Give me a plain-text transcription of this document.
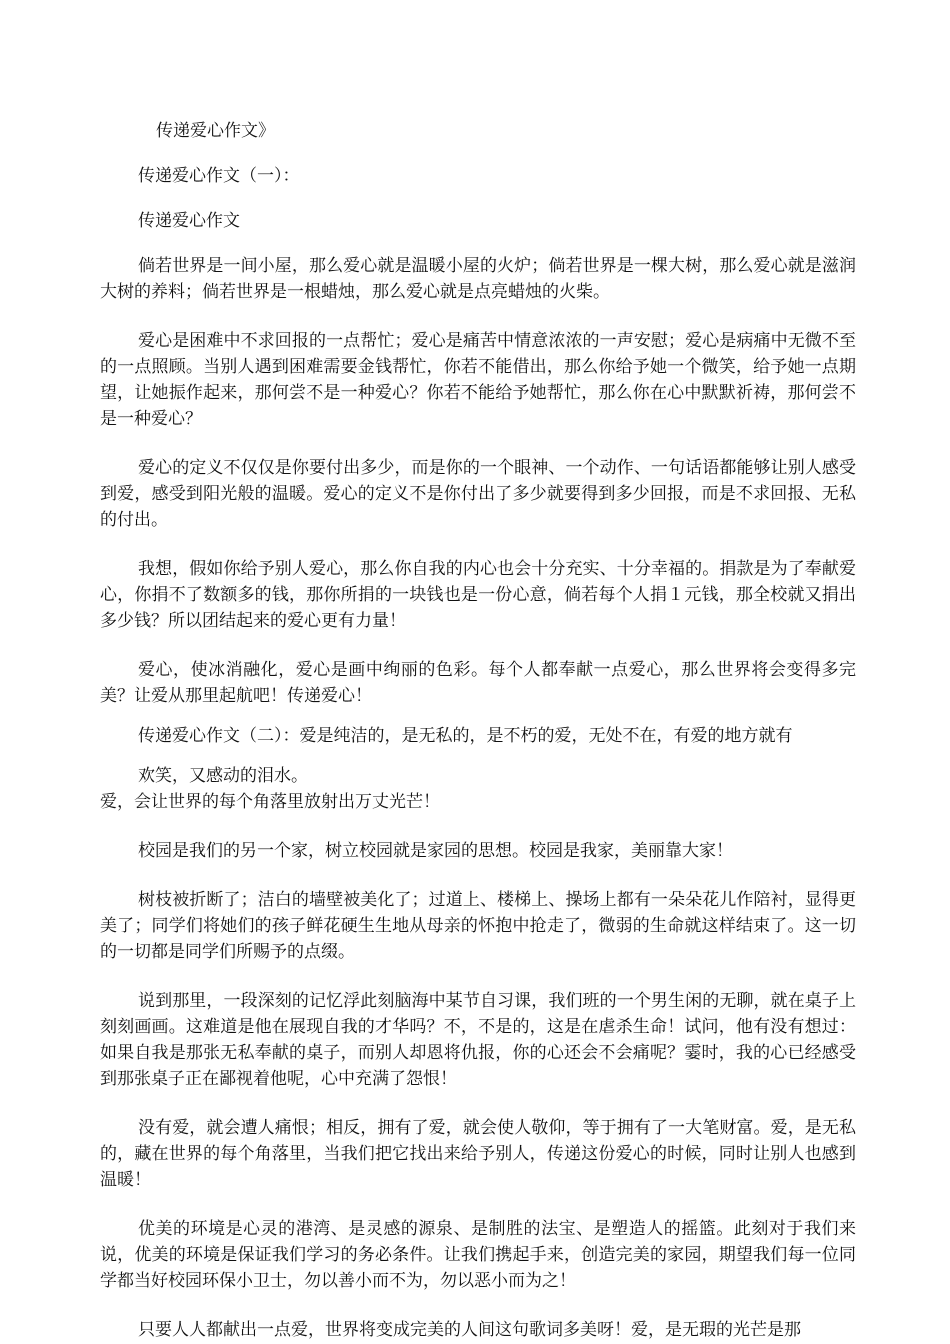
传递爱心作文》

传递爱心作文（一）：

传递爱心作文

倘若世界是一间小屋，那么爱心就是温暖小屋的火炉；倘若世界是一棵大树，那么爱心就是滋润大树的养料；倘若世界是一根蜡烛，那么爱心就是点亮蜡烛的火柴。

爱心是困难中不求回报的一点帮忙；爱心是痛苦中情意浓浓的一声安慰；爱心是病痛中无微不至的一点照顾。当别人遇到困难需要金钱帮忙，你若不能借出，那么你给予她一个微笑，给予她一点期望，让她振作起来，那何尝不是一种爱心？你若不能给予她帮忙，那么你在心中默默祈祷，那何尝不是一种爱心？

爱心的定义不仅仅是你要付出多少，而是你的一个眼神、一个动作、一句话语都能够让别人感受到爱，感受到阳光般的温暖。爱心的定义不是你付出了多少就要得到多少回报，而是不求回报、无私的付出。

我想，假如你给予别人爱心，那么你自我的内心也会十分充实、十分幸福的。捐款是为了奉献爱心，你捐不了数额多的钱，那你所捐的一块钱也是一份心意，倘若每个人捐１元钱，那全校就又捐出多少钱？所以团结起来的爱心更有力量！

爱心，使冰消融化，爱心是画中绚丽的色彩。每个人都奉献一点爱心，那么世界将会变得多完美？让爱从那里起航吧！传递爱心！

传递爱心作文（二）：爱是纯洁的，是无私的，是不朽的爱，无处不在，有爱的地方就有

欢笑，又感动的泪水。

爱，会让世界的每个角落里放射出万丈光芒！

校园是我们的另一个家，树立校园就是家园的思想。校园是我家，美丽靠大家！

树枝被折断了；洁白的墙壁被美化了；过道上、楼梯上、操场上都有一朵朵花儿作陪衬，显得更美了；同学们将她们的孩子鲜花硬生生地从母亲的怀抱中抢走了，微弱的生命就这样结束了。这一切的一切都是同学们所赐予的点缀。

说到那里，一段深刻的记忆浮此刻脑海中某节自习课，我们班的一个男生闲的无聊，就在桌子上刻刻画画。这难道是他在展现自我的才华吗？不，不是的，这是在虐杀生命！试问，他有没有想过：如果自我是那张无私奉献的桌子，而别人却恩将仇报，你的心还会不会痛呢？霎时，我的心已经感受到那张桌子正在鄙视着他呢，心中充满了怨恨！

没有爱，就会遭人痛恨；相反，拥有了爱，就会使人敬仰，等于拥有了一大笔财富。爱，是无私的，藏在世界的每个角落里，当我们把它找出来给予别人，传递这份爱心的时候，同时让别人也感到温暖！

优美的环境是心灵的港湾、是灵感的源泉、是制胜的法宝、是塑造人的摇篮。此刻对于我们来说，优美的环境是保证我们学习的务必条件。让我们携起手来，创造完美的家园，期望我们每一位同学都当好校园环保小卫士，勿以善小而不为，勿以恶小而为之！

只要人人都献出一点爱，世界将变成完美的人间这句歌词多美呀！爱，是无瑕的光芒是那
